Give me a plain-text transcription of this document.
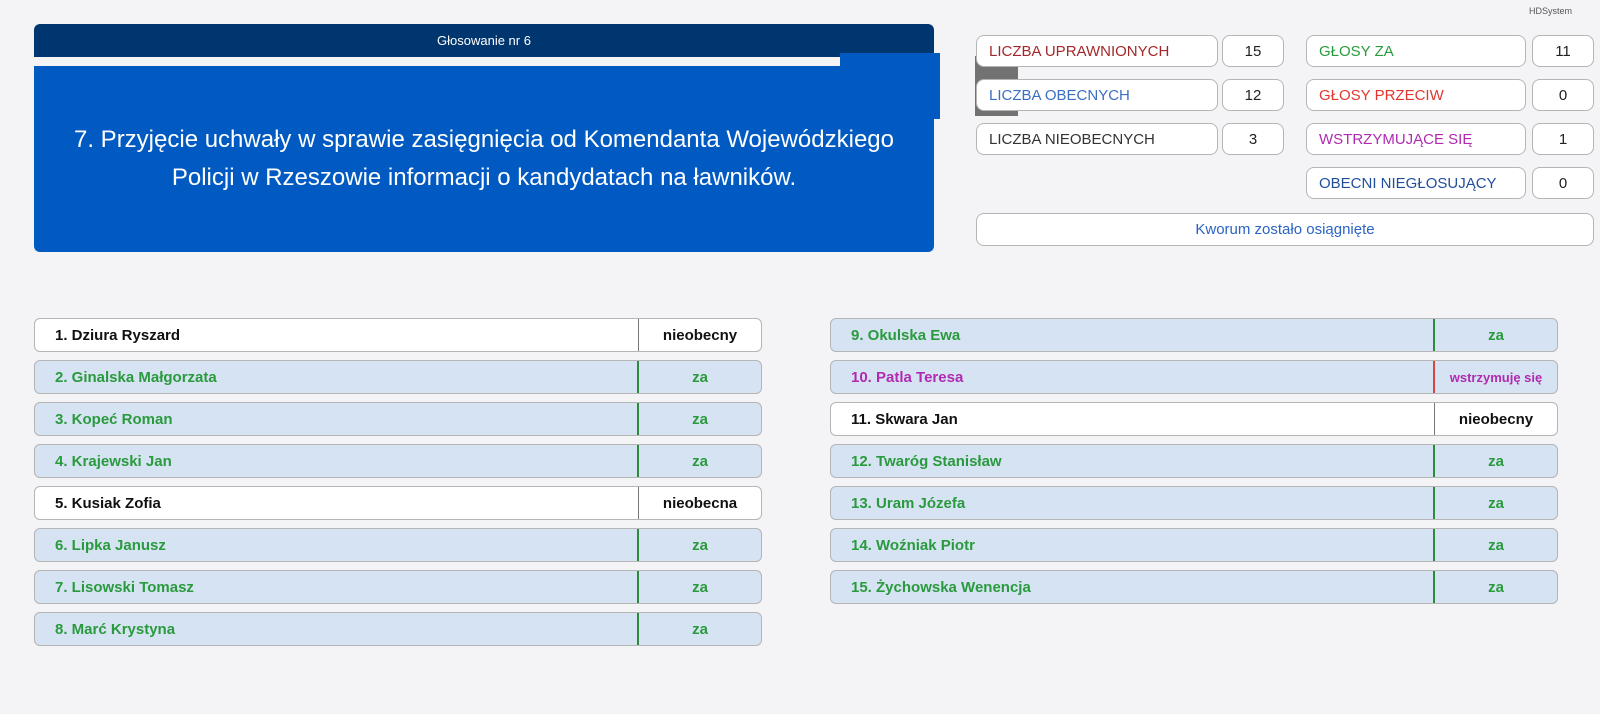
HDSystem
Głosowanie nr 6
7. Przyjęcie uchwały w sprawie zasięgnięcia od Komendanta Wojewódzkiego Policji w Rzeszowie informacji o kandydatach na ławników.
LICZBA UPRAWNIONYCH	15
LICZBA OBECNYCH	12
LICZBA NIEOBECNYCH	3
GŁOSY ZA	11
GŁOSY PRZECIW	0
WSTRZYMUJĄCE SIĘ	1
OBECNI NIEGŁOSUJĄCY	0
Kworum zostało osiągnięte
1. Dziura Ryszard	nieobecny
2. Ginalska Małgorzata	za
3. Kopeć Roman	za
4. Krajewski Jan	za
5. Kusiak Zofia	nieobecna
6. Lipka Janusz	za
7. Lisowski Tomasz	za
8. Marć Krystyna	za
9. Okulska Ewa	za
10. Patla Teresa	wstrzymuję się
11. Skwara Jan	nieobecny
12. Twaróg Stanisław	za
13. Uram Józefa	za
14. Woźniak Piotr	za
15. Żychowska Wenencja	za
